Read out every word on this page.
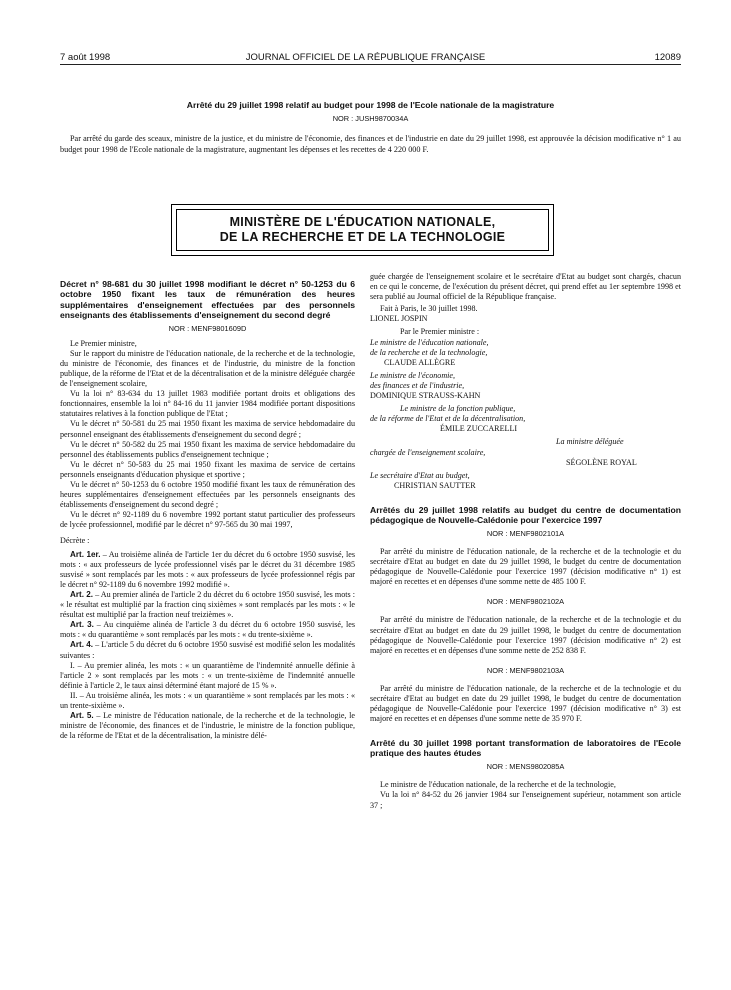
7 août 1998	JOURNAL OFFICIEL DE LA RÉPUBLIQUE FRANÇAISE	12089
Arrêté du 29 juillet 1998 relatif au budget pour 1998 de l'Ecole nationale de la magistrature
NOR : JUSH9870034A

Par arrêté du garde des sceaux, ministre de la justice, et du ministre de l'économie, des finances et de l'industrie en date du 29 juillet 1998, est approuvée la décision modificative n° 1 au budget pour 1998 de l'Ecole nationale de la magistrature, augmentant les dépenses et les recettes de 4 220 000 F.

MINISTÈRE DE L'ÉDUCATION NATIONALE,
DE LA RECHERCHE ET DE LA TECHNOLOGIE

Décret n° 98-681 du 30 juillet 1998 modifiant le décret n° 50-1253 du 6 octobre 1950 fixant les taux de rémunération des heures supplémentaires d'enseignement effectuées par des personnels enseignants des établissements d'enseignement du second degré

NOR : MENF9801609D

Le Premier ministre,

Sur le rapport du ministre de l'éducation nationale, de la recherche et de la technologie, du ministre de l'économie, des finances et de l'industrie, du ministre de la fonction publique, de la réforme de l'Etat et de la décentralisation et de la ministre déléguée chargée de l'enseignement scolaire,

Vu la loi n° 83-634 du 13 juillet 1983 modifiée portant droits et obligations des fonctionnaires, ensemble la loi n° 84-16 du 11 janvier 1984 modifiée portant dispositions statutaires relatives à la fonction publique de l'Etat ;

Vu le décret n° 50-581 du 25 mai 1950 fixant les maxima de service hebdomadaire du personnel enseignant des établissements d'enseignement du second degré ;

Vu le décret n° 50-582 du 25 mai 1950 fixant les maxima de service hebdomadaire du personnel des établissements publics d'enseignement technique ;

Vu le décret n° 50-583 du 25 mai 1950 fixant les maxima de service de certains personnels enseignants d'éducation physique et sportive ;

Vu le décret n° 50-1253 du 6 octobre 1950 modifié fixant les taux de rémunération des heures supplémentaires d'enseignement effectuées par les personnels enseignants des établissements d'enseignement du second degré ;

Vu le décret n° 92-1189 du 6 novembre 1992 portant statut particulier des professeurs de lycée professionnel, modifié par le décret n° 97-565 du 30 mai 1997,

Décrète :

Art. 1er. – Au troisième alinéa de l'article 1er du décret du 6 octobre 1950 susvisé, les mots : « aux professeurs de lycée professionnel visés par le décret du 31 décembre 1985 susvisé » sont remplacés par les mots : « aux professeurs de lycée professionnel régis par le décret n° 92-1189 du 6 novembre 1992 modifié ».

Art. 2. – Au premier alinéa de l'article 2 du décret du 6 octobre 1950 susvisé, les mots : « le résultat est multiplié par la fraction cinq sixièmes » sont remplacés par les mots : « le résultat est multiplié par la fraction neuf treizièmes ».

Art. 3. – Au cinquième alinéa de l'article 3 du décret du 6 octobre 1950 susvisé, les mots : « du quarantième » sont remplacés par les mots : « du trente-sixième ».

Art. 4. – L'article 5 du décret du 6 octobre 1950 susvisé est modifié selon les modalités suivantes :

I. – Au premier alinéa, les mots : « un quarantième de l'indemnité annuelle définie à l'article 2 » sont remplacés par les mots : « un trente-sixième de l'indemnité annuelle définie à l'article 2, le taux ainsi déterminé étant majoré de 15 % ».

II. – Au troisième alinéa, les mots : « un quarantième » sont remplacés par les mots : « un trente-sixième ».

Art. 5. – Le ministre de l'éducation nationale, de la recherche et de la technologie, le ministre de l'économie, des finances et de l'industrie, le ministre de la fonction publique, de la réforme de l'Etat et de la décentralisation, la ministre délé-

guée chargée de l'enseignement scolaire et le secrétaire d'Etat au budget sont chargés, chacun en ce qui le concerne, de l'exécution du présent décret, qui prend effet au 1er septembre 1998 et sera publié au Journal officiel de la République française.

Fait à Paris, le 30 juillet 1998.

LIONEL JOSPIN

Par le Premier ministre :

Le ministre de l'éducation nationale,

de la recherche et de la technologie,

CLAUDE ALLÈGRE

Le ministre de l'économie,

des finances et de l'industrie,

DOMINIQUE STRAUSS-KAHN

Le ministre de la fonction publique,

de la réforme de l'Etat et de la décentralisation,

ÉMILE ZUCCARELLI

La ministre déléguée

chargée de l'enseignement scolaire,

SÉGOLÈNE ROYAL

Le secrétaire d'Etat au budget,

CHRISTIAN SAUTTER

Arrêtés du 29 juillet 1998 relatifs au budget du centre de documentation pédagogique de Nouvelle-Calédonie pour l'exercice 1997

NOR : MENF9802101A

Par arrêté du ministre de l'éducation nationale, de la recherche et de la technologie et du secrétaire d'Etat au budget en date du 29 juillet 1998, le budget du centre de documentation pédagogique de Nouvelle-Calédonie pour l'exercice 1997 (décision modificative n° 1) est majoré en recettes et en dépenses d'une somme nette de 485 100 F.

NOR : MENF9802102A

Par arrêté du ministre de l'éducation nationale, de la recherche et de la technologie et du secrétaire d'Etat au budget en date du 29 juillet 1998, le budget du centre de documentation pédagogique de Nouvelle-Calédonie pour l'exercice 1997 (décision modificative n° 2) est majoré en recettes et en dépenses d'une somme nette de 252 838 F.

NOR : MENF9802103A

Par arrêté du ministre de l'éducation nationale, de la recherche et de la technologie et du secrétaire d'Etat au budget en date du 29 juillet 1998, le budget du centre de documentation pédagogique de Nouvelle-Calédonie pour l'exercice 1997 (décision modificative n° 3) est majoré en recettes et en dépenses d'une somme nette de 35 970 F.

Arrêté du 30 juillet 1998 portant transformation de laboratoires de l'Ecole pratique des hautes études

NOR : MENS9802085A

Le ministre de l'éducation nationale, de la recherche et de la technologie,

Vu la loi n° 84-52 du 26 janvier 1984 sur l'enseignement supérieur, notamment son article 37 ;
